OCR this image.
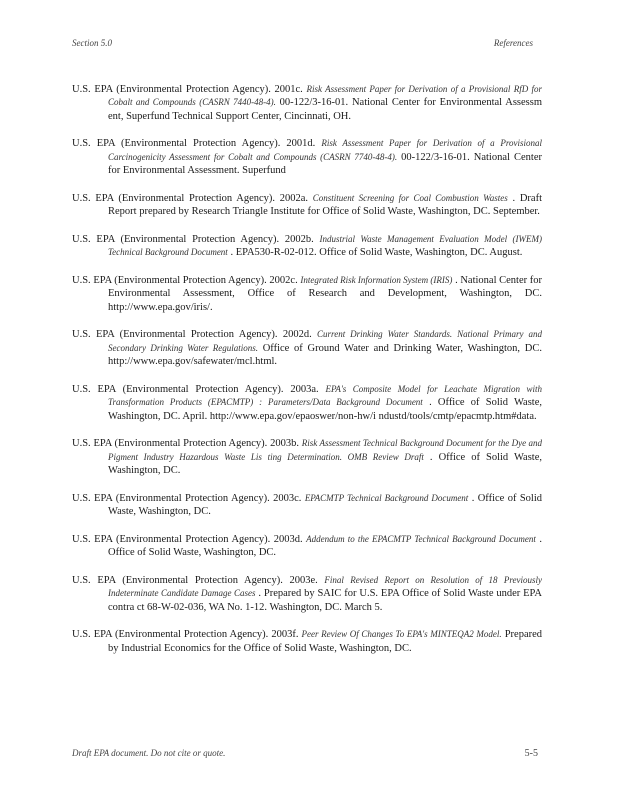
Section 5.0	References

U.S. EPA (Environmental Protection Agency). 2001c. Risk Assessment Paper for Derivation of a Provisional RfD for Cobalt and Compounds (CASRN 7440-48-4). 00-122/3-16-01. National Center for Environmental Assessm ent, Superfund Technical Support Center, Cincinnati, OH.

U.S. EPA (Environmental Protection Agency). 2001d. Risk Assessment Paper for Derivation of a Provisional Carcinogenicity Assessment for Cobalt and Compounds (CASRN 7740-48-4). 00-122/3-16-01. National Center for Environmental Assessment. Superfund

U.S. EPA (Environmental Protection Agency). 2002a. Constituent Screening for Coal Combustion Wastes . Draft Report prepared by Research Triangle Institute for Office of Solid Waste, Washington, DC. September.

U.S. EPA (Environmental Protection Agency). 2002b. Industrial Waste Management Evaluation Model (IWEM) Technical Background Document . EPA530-R-02-012. Office of Solid Waste, Washington, DC. August.

U.S. EPA (Environmental Protection Agency). 2002c. Integrated Risk Information System (IRIS) . National Center for Environmental Assessment, Office of Research and Development, Washington, DC. http://www.epa.gov/iris/.

U.S. EPA (Environmental Protection Agency). 2002d. Current Drinking Water Standards. National Primary and Secondary Drinking Water Regulations. Office of Ground Water and Drinking Water, Washington, DC. http://www.epa.gov/safewater/mcl.html.

U.S. EPA (Environmental Protection Agency). 2003a. EPA's Composite Model for Leachate Migration with Transformation Products (EPACMTP) : Parameters/Data Background Document . Office of Solid Waste, Washington, DC. April. http://www.epa.gov/epaoswer/non-hw/i ndustd/tools/cmtp/epacmtp.htm#data.

U.S. EPA (Environmental Protection Agency). 2003b. Risk Assessment Technical Background Document for the Dye and Pigment Industry Hazardous Waste Lis ting Determination. OMB Review Draft . Office of Solid Waste, Washington, DC.

U.S. EPA (Environmental Protection Agency). 2003c. EPACMTP Technical Background Document . Office of Solid Waste, Washington, DC.

U.S. EPA (Environmental Protection Agency). 2003d. Addendum to the EPACMTP Technical Background Document . Office of Solid Waste, Washington, DC.

U.S. EPA (Environmental Protection Agency). 2003e. Final Revised Report on Resolution of 18 Previously Indeterminate Candidate Damage Cases . Prepared by SAIC for U.S. EPA Office of Solid Waste under EPA contra ct 68-W-02-036, WA No. 1-12. Washington, DC. March 5.

U.S. EPA (Environmental Protection Agency). 2003f. Peer Review Of Changes To EPA's MINTEQA2 Model. Prepared by Industrial Economics for the Office of Solid Waste, Washington, DC.

Draft EPA document. Do not cite or quote.	5-5
